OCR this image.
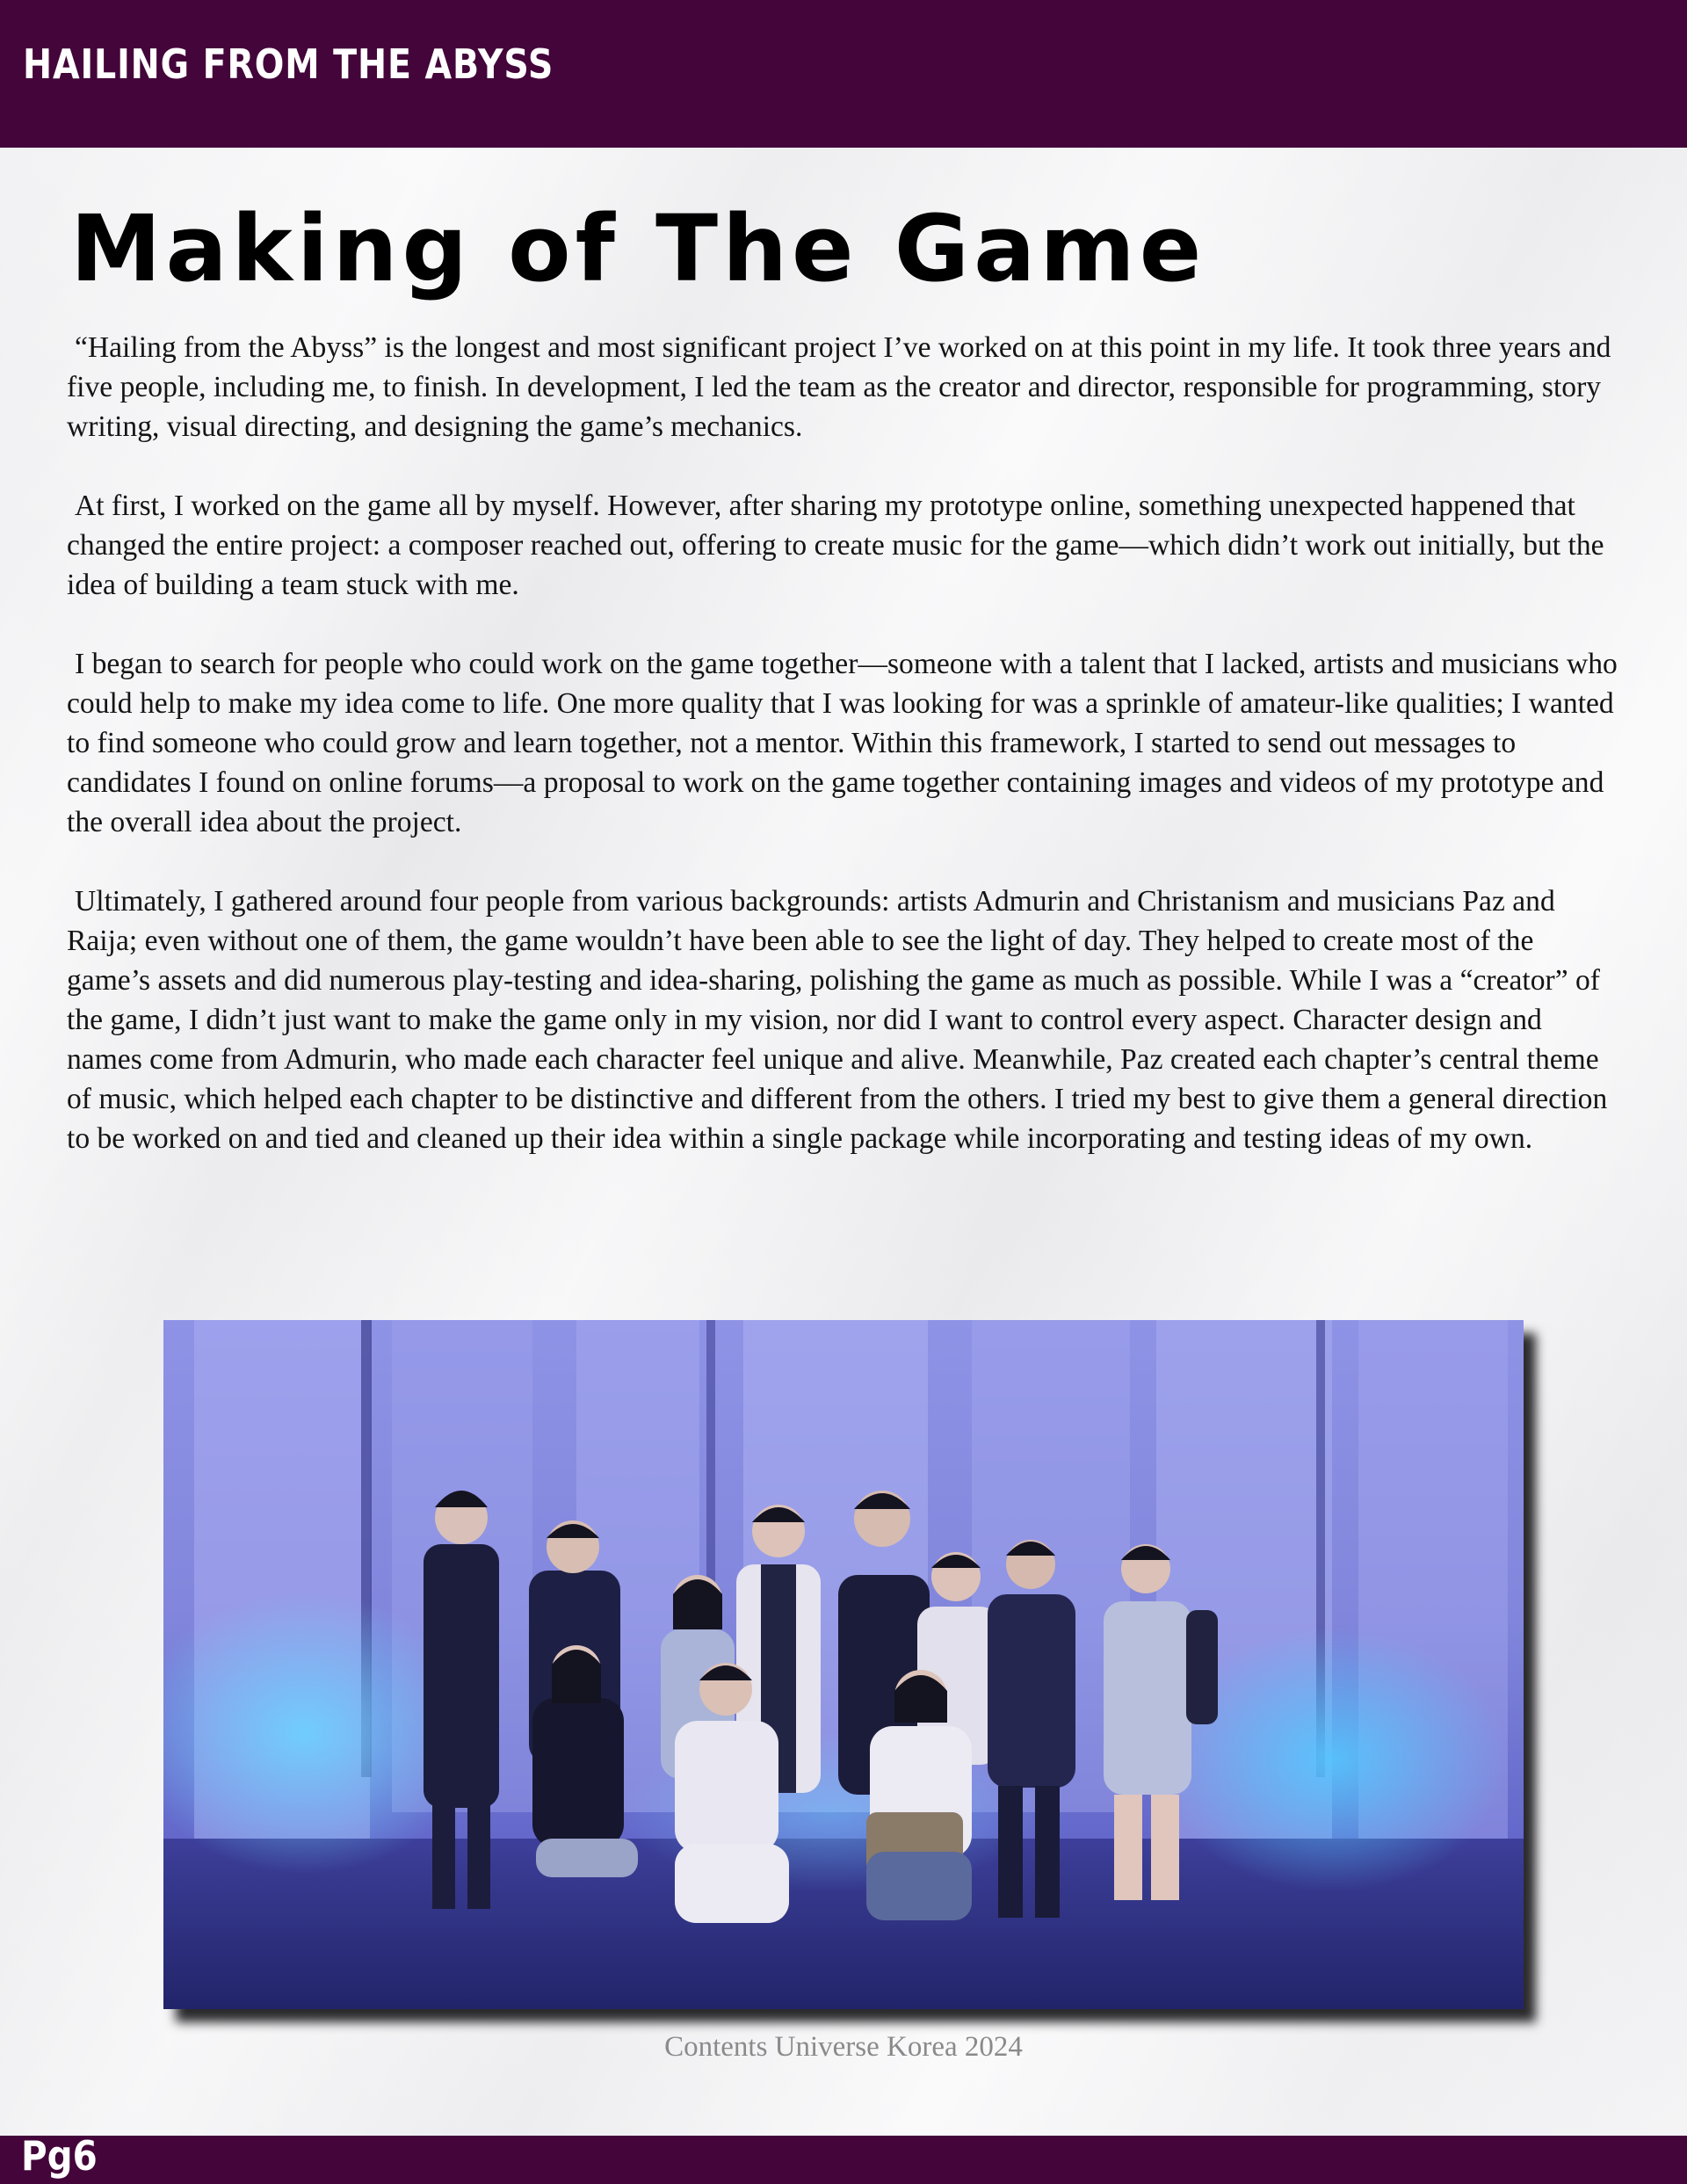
HAILING FROM THE ABYSS
Making of The Game

“Hailing from the Abyss” is the longest and most significant project I’ve worked on at this point in my life. It took three years and five people, including me, to finish. In development, I led the team as the creator and director, responsible for programming, story writing, visual directing, and designing the game’s mechanics.

At first, I worked on the game all by myself. However, after sharing my prototype online, something unexpected happened that changed the entire project: a composer reached out, offering to create music for the game—which didn’t work out initially, but the idea of building a team stuck with me.

I began to search for people who could work on the game together—someone with a talent that I lacked, artists and musicians who could help to make my idea come to life. One more quality that I was looking for was a sprinkle of amateur-like qualities; I wanted to find someone who could grow and learn together, not a mentor. Within this framework, I started to send out messages to candidates I found on online forums—a proposal to work on the game together containing images and videos of my prototype and the overall idea about the project.

Ultimately, I gathered around four people from various backgrounds: artists Admurin and Christanism and musicians Paz and Raija; even without one of them, the game wouldn’t have been able to see the light of day. They helped to create most of the game’s assets and did numerous play-testing and idea-sharing, polishing the game as much as possible. While I was a “creator” of the game, I didn’t just want to make the game only in my vision, nor did I want to control every aspect. Character design and names come from Admurin, who made each character feel unique and alive. Meanwhile, Paz created each chapter’s central theme of music, which helped each chapter to be distinctive and different from the others. I tried my best to give them a general direction to be worked on and tied and cleaned up their idea within a single package while incorporating and testing ideas of my own.

Contents Universe Korea 2024
Pg6
